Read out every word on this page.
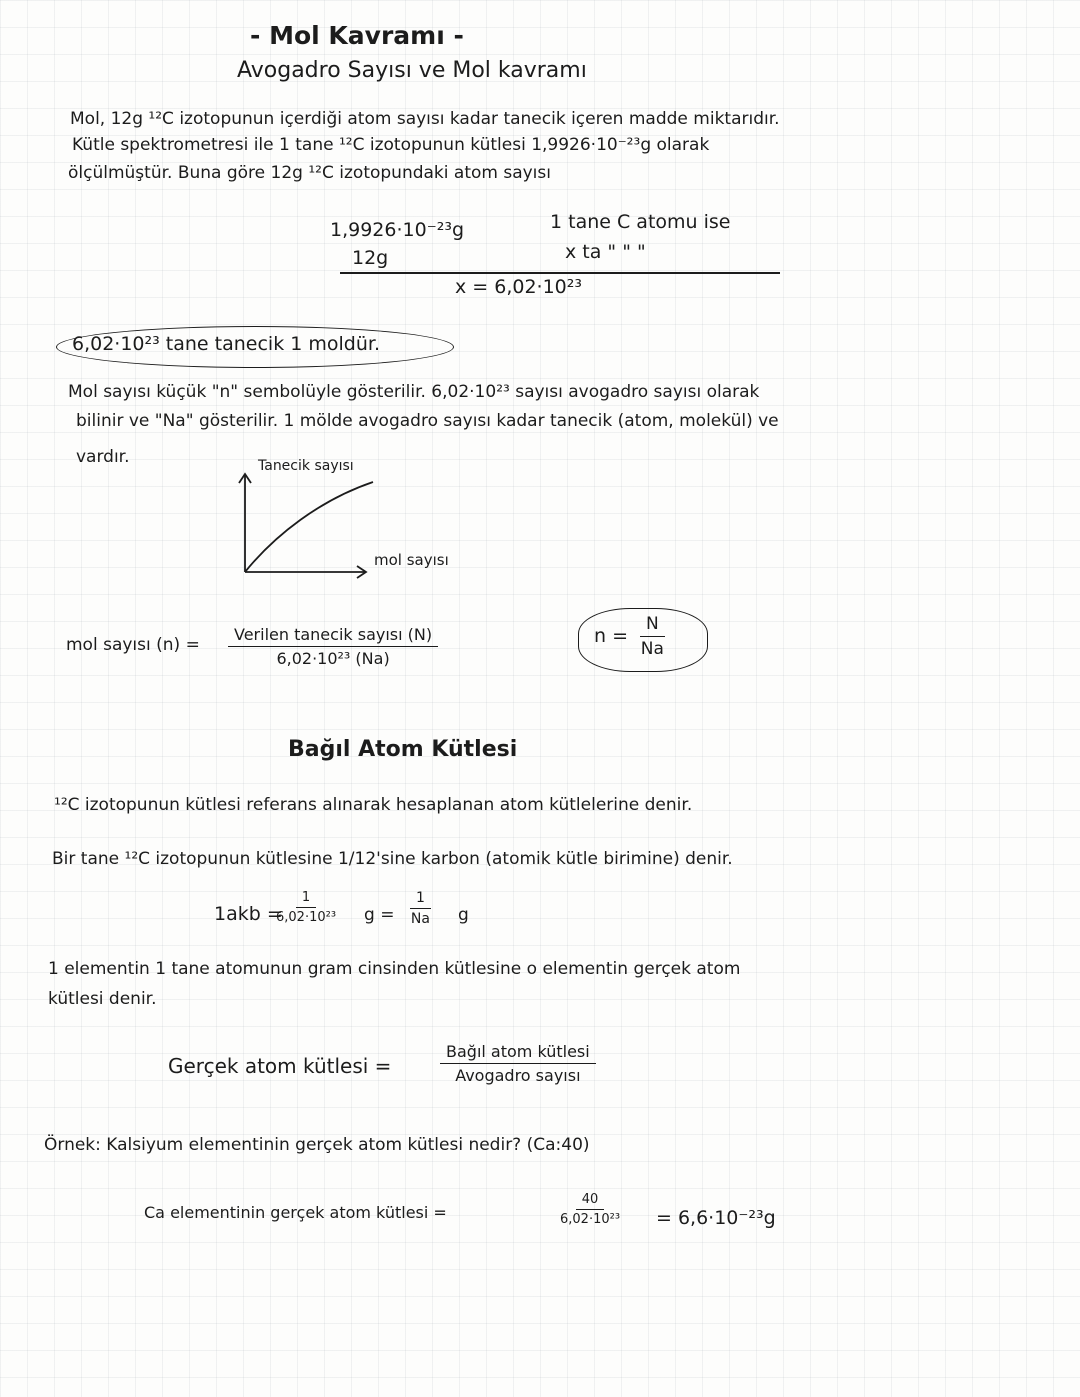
- Mol Kavramı -
Avogadro Sayısı ve Mol kavramı
Mol, 12g ¹²C izotopunun içerdiği atom sayısı kadar tanecik içeren madde miktarıdır.
Kütle spektrometresi ile 1 tane ¹²C izotopunun kütlesi 1,9926·10⁻²³g olarak
ölçülmüştür. Buna göre 12g ¹²C izotopundaki atom sayısı
1,9926·10⁻²³g	1 tane C atomu ise
12g	x ta " " "
x = 6,02·10²³
6,02·10²³ tane tanecik 1 moldür.
Mol sayısı küçük "n" sembolüyle gösterilir. 6,02·10²³ sayısı avogadro sayısı olarak
bilinir ve "Na" gösterilir. 1 mölde avogadro sayısı kadar tanecik (atom, molekül) ve
vardır.	Tanecik sayısı
mol sayısı
mol sayısı (n) =
Verilen tanecik sayısı (N)
6,02·10²³ (Na)
$n = \frac{N}{Na}$
Bağıl Atom Kütlesi
¹²C izotopunun kütlesi referans alınarak hesaplanan atom kütlelerine denir.
Bir tane ¹²C izotopunun kütlesine 1/12'sine karbon (atomik kütle birimine) denir.
1akb =
$\frac{1}{\text{6,02·10²³}}$ $g = \frac{1}{Na}$ g
1 elementin 1 tane atomunun gram cinsinden kütlesine o elementin gerçek atom
kütlesi denir.
Gerçek atom kütlesi =
Bağıl atom kütlesi
Avogadro sayısı
Örnek: Kalsiyum elementinin gerçek atom kütlesi nedir? (Ca:40)
Ca elementinin gerçek atom kütlesi =	$\frac{40}{\text{6,02·10²³}} = 6,6\cdot 10^{-23}g$
